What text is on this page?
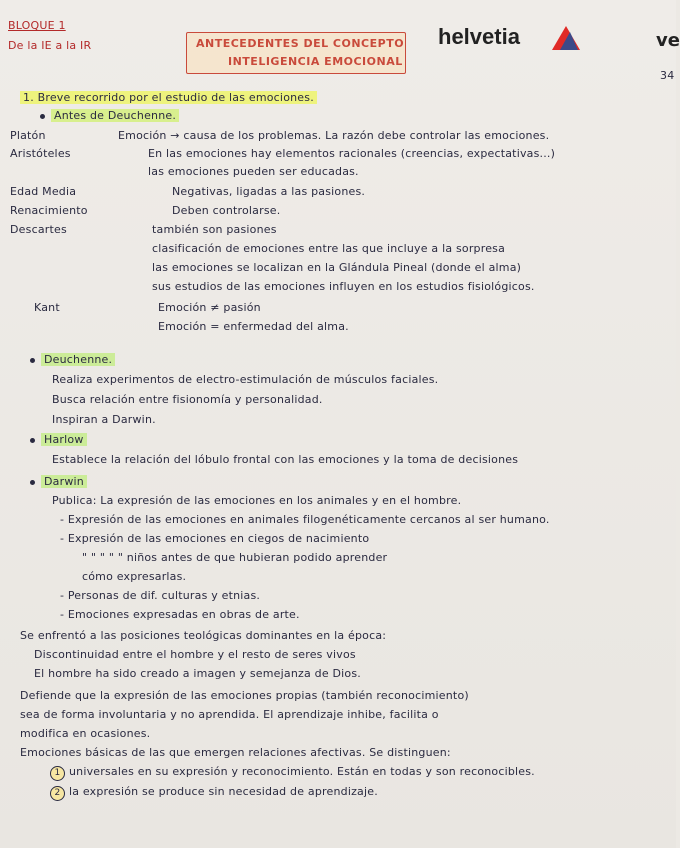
BLOQUE 1
De la IE a la IR	ANTECEDENTES DEL CONCEPTO
INTELIGENCIA EMOCIONAL
helvetia	ve
34
1. Breve recorrido por el estudio de las emociones.
Antes de Deuchenne.
Platón	Emoción → causa de los problemas. La razón debe controlar las emociones.
Aristóteles	En las emociones hay elementos racionales (creencias, expectativas...)
las emociones pueden ser educadas.
Edad Media	Negativas, ligadas a las pasiones.
Renacimiento	Deben controlarse.
Descartes	también son pasiones
clasificación de emociones entre las que incluye a la sorpresa
las emociones se localizan en la Glándula Pineal (donde el alma)
sus estudios de las emociones influyen en los estudios fisiológicos.
Kant	Emoción ≠ pasión
Emoción = enfermedad del alma.
Deuchenne.
Realiza experimentos de electro-estimulación de músculos faciales.
Busca relación entre fisionomía y personalidad.
Inspiran a Darwin.
Harlow
Establece la relación del lóbulo frontal con las emociones y la toma de decisiones
Darwin
Publica: La expresión de las emociones en los animales y en el hombre.
- Expresión de las emociones en animales filogenéticamente cercanos al ser humano.
- Expresión de las emociones en ciegos de nacimiento
" " " " " niños antes de que hubieran podido aprender
cómo expresarlas.
- Personas de dif. culturas y etnias.
- Emociones expresadas en obras de arte.
Se enfrentó a las posiciones teológicas dominantes en la época:
Discontinuidad entre el hombre y el resto de seres vivos
El hombre ha sido creado a imagen y semejanza de Dios.
Defiende que la expresión de las emociones propias (también reconocimiento)
sea de forma involuntaria y no aprendida. El aprendizaje inhibe, facilita o
modifica en ocasiones.
Emociones básicas de las que emergen relaciones afectivas. Se distinguen:
1 universales en su expresión y reconocimiento. Están en todas y son reconocibles.
2 la expresión se produce sin necesidad de aprendizaje.
